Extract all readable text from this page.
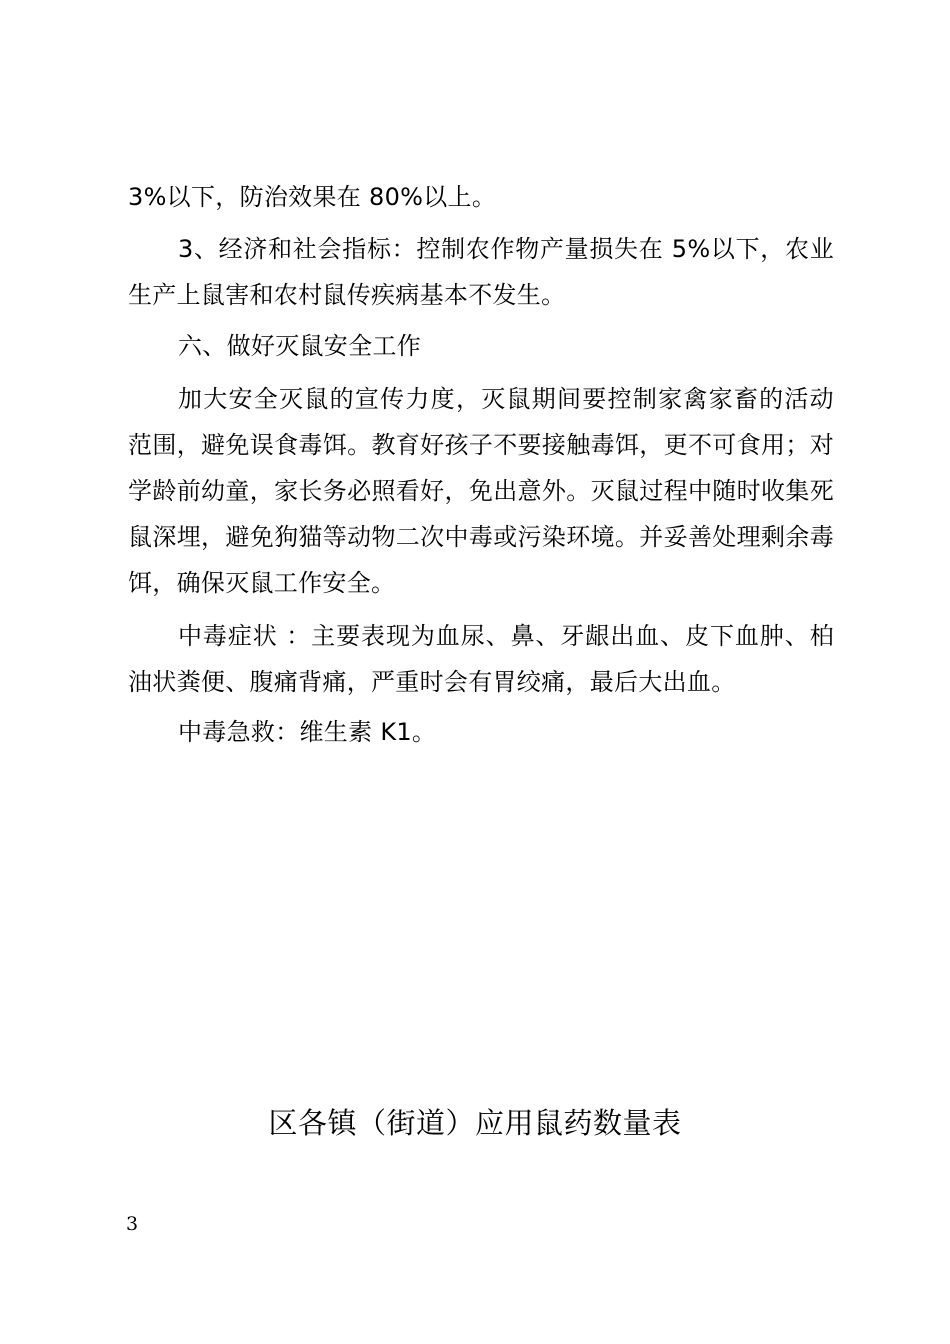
3%以下，防治效果在 80%以上。

3、经济和社会指标：控制农作物产量损失在 5%以下，农业生产上鼠害和农村鼠传疾病基本不发生。

六、做好灭鼠安全工作

加大安全灭鼠的宣传力度，灭鼠期间要控制家禽家畜的活动范围，避免误食毒饵。教育好孩子不要接触毒饵，更不可食用；对学龄前幼童，家长务必照看好，免出意外。灭鼠过程中随时收集死鼠深埋，避免狗猫等动物二次中毒或污染环境。并妥善处理剩余毒饵，确保灭鼠工作安全。

中毒症状 ：主要表现为血尿、鼻、牙龈出血、皮下血肿、柏油状粪便、腹痛背痛，严重时会有胃绞痛，最后大出血。

中毒急救：维生素 K1。

区各镇（街道）应用鼠药数量表

3
